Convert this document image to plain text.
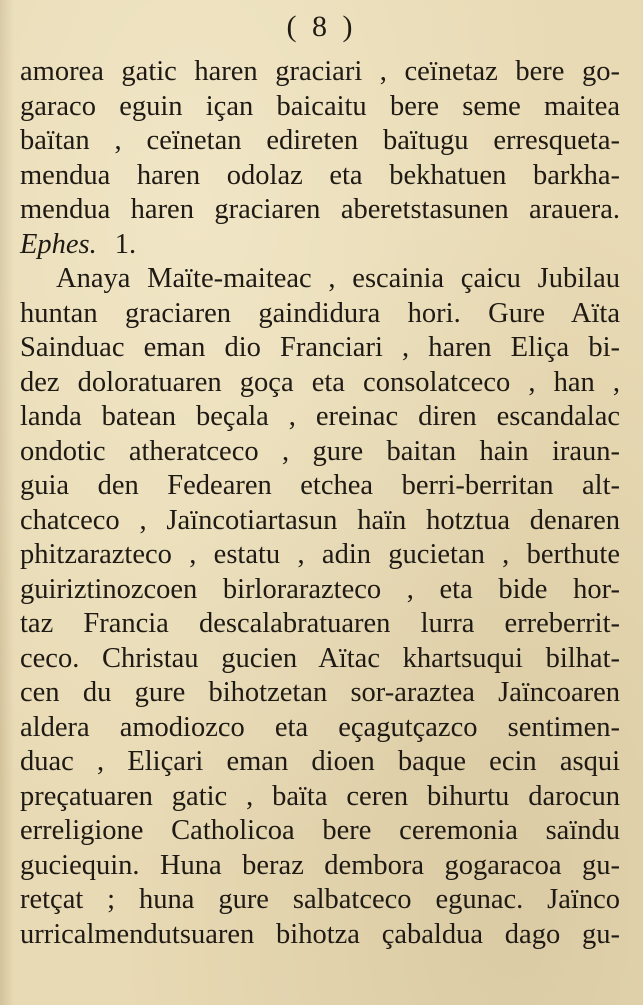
( 8 )
amorea gatic haren graciari , ceïnetaz bere go-
garaco eguin içan baicaitu bere seme maitea
baïtan , ceïnetan edireten baïtugu erresqueta-
mendua haren odolaz eta bekhatuen barkha-
mendua haren graciaren aberetstasunen arauera.
Ephes. 1.
Anaya Maïte-maiteac , escainia çaicu Jubilau
huntan graciaren gaindidura hori. Gure Aïta
Sainduac eman dio Franciari , haren Eliça bi-
dez doloratuaren goça eta consolatceco , han ,
landa batean beçala , ereinac diren escandalac
ondotic atheratceco , gure baitan hain iraun-
guia den Fedearen etchea berri-berritan alt-
chatceco , Jaïncotiartasun haïn hotztua denaren
phitzarazteco , estatu , adin gucietan , berthute
guiriztinozcoen birlorarazteco , eta bide hor-
taz Francia descalabratuaren lurra erreberrit-
ceco. Christau gucien Aïtac khartsuqui bilhat-
cen du gure bihotzetan sor-araztea Jaïncoaren
aldera amodiozco eta eçagutçazco sentimen-
duac , Eliçari eman dioen baque ecin asqui
preçatuaren gatic , baïta ceren bihurtu darocun
erreligione Catholicoa bere ceremonia saïndu
guciequin. Huna beraz dembora gogaracoa gu-
retçat ; huna gure salbatceco egunac. Jaïnco
urricalmendutsuaren bihotza çabaldua dago gu-
